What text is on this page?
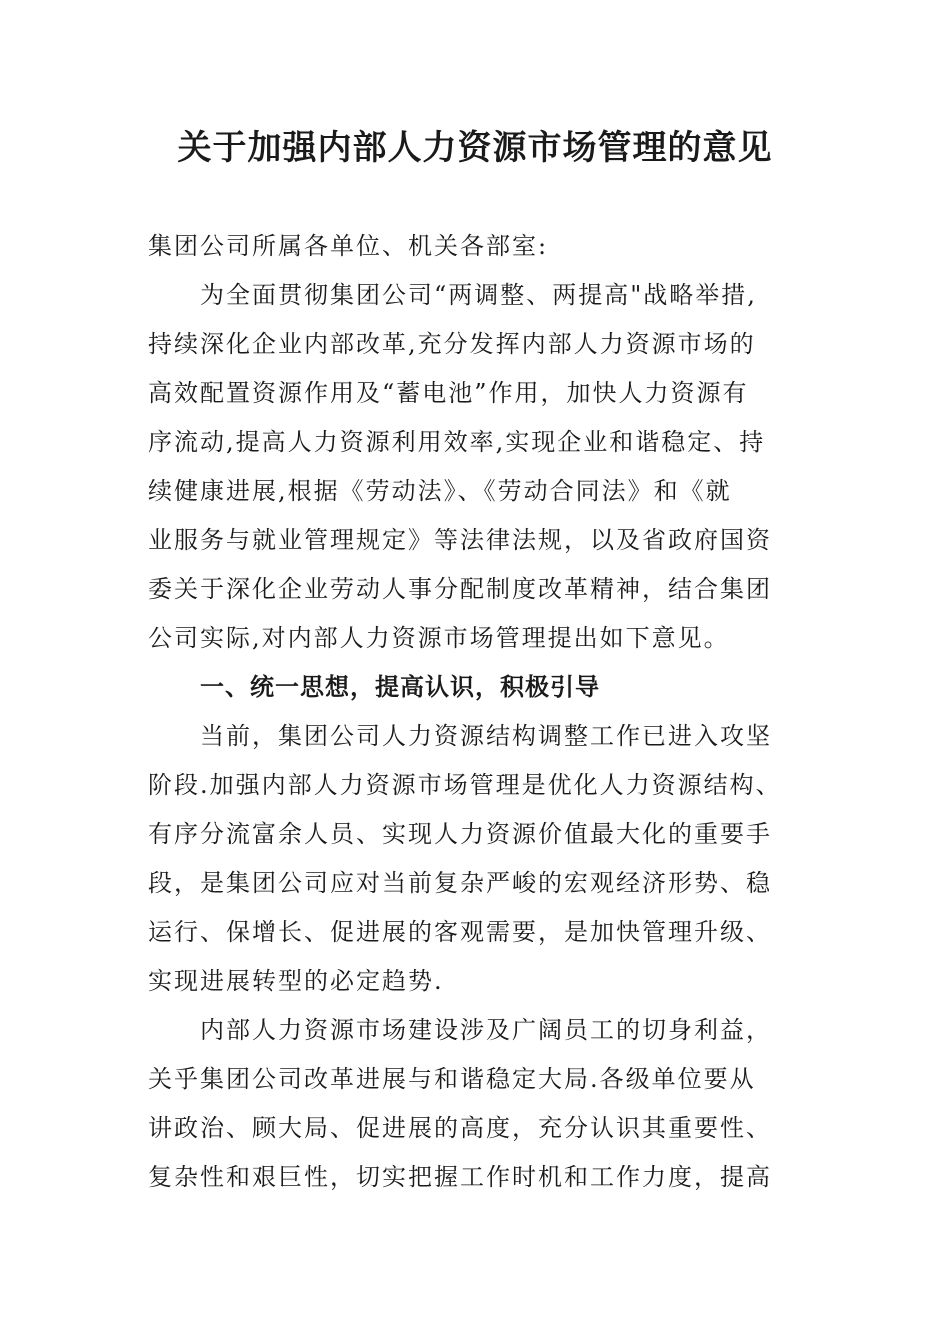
关于加强内部人力资源市场管理的意见
集团公司所属各单位、机关各部室:
为全面贯彻集团公司“两调整、两提高"战略举措,
持续深化企业内部改革,充分发挥内部人力资源市场的
高效配置资源作用及“蓄电池”作用，加快人力资源有
序流动,提高人力资源利用效率,实现企业和谐稳定、持
续健康进展,根据《劳动法》、《劳动合同法》和《就
业服务与就业管理规定》等法律法规，以及省政府国资
委关于深化企业劳动人事分配制度改革精神，结合集团
公司实际,对内部人力资源市场管理提出如下意见。
一、统一思想，提高认识，积极引导
当前，集团公司人力资源结构调整工作已进入攻坚
阶段.加强内部人力资源市场管理是优化人力资源结构、
有序分流富余人员、实现人力资源价值最大化的重要手
段，是集团公司应对当前复杂严峻的宏观经济形势、稳
运行、保增长、促进展的客观需要，是加快管理升级、
实现进展转型的必定趋势.
内部人力资源市场建设涉及广阔员工的切身利益，
关乎集团公司改革进展与和谐稳定大局.各级单位要从
讲政治、顾大局、促进展的高度，充分认识其重要性、
复杂性和艰巨性，切实把握工作时机和工作力度，提高
